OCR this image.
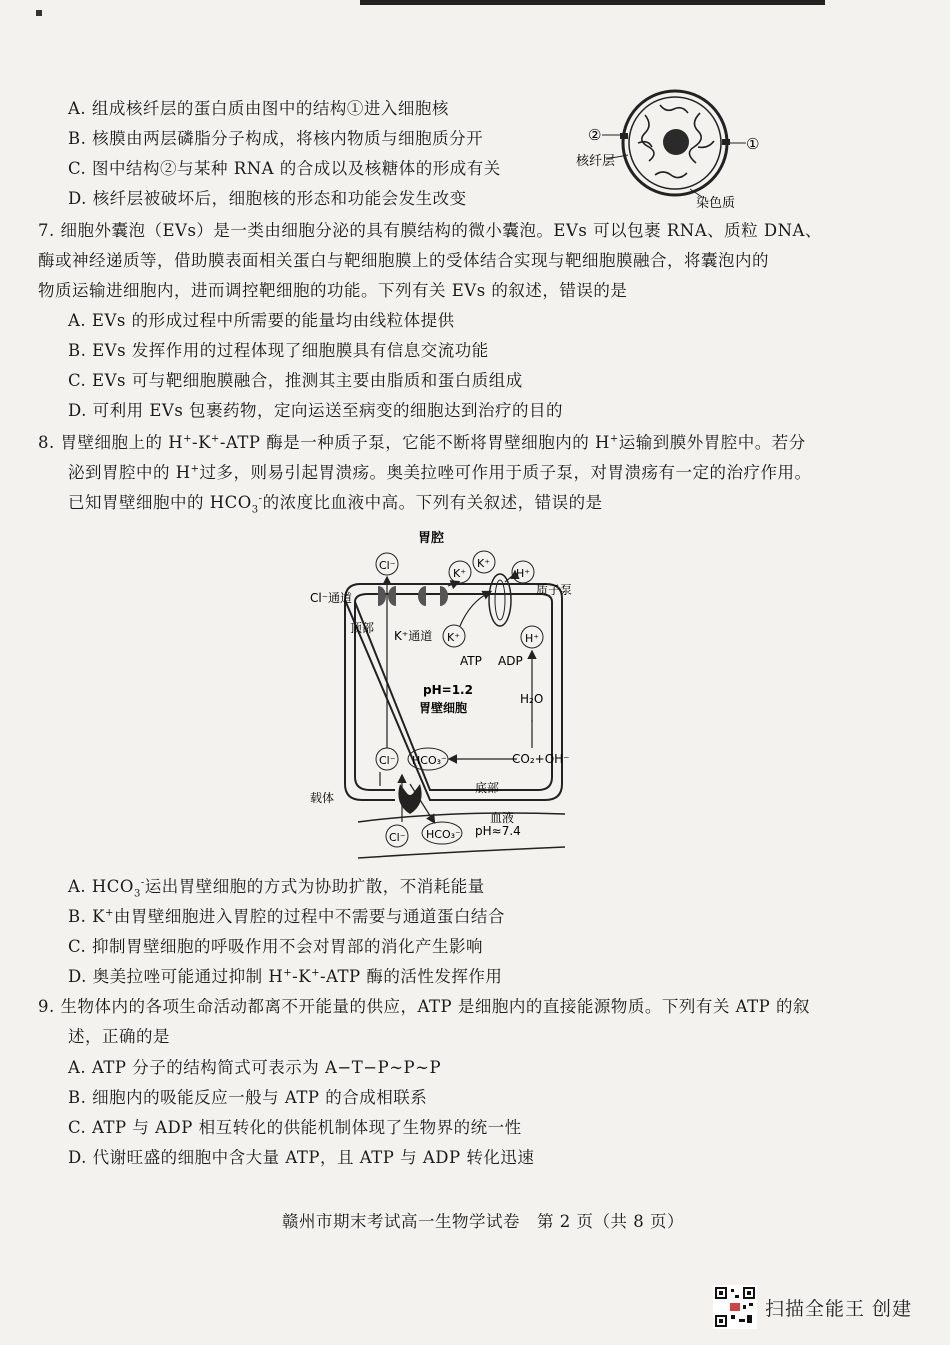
A. 组成核纤层的蛋白质由图中的结构①进入细胞核
B. 核膜由两层磷脂分子构成，将核内物质与细胞质分开
C. 图中结构②与某种 RNA 的合成以及核糖体的形成有关
D. 核纤层被破坏后，细胞核的形态和功能会发生改变
②	①
核纤层
染色质
7. 细胞外囊泡（EVs）是一类由细胞分泌的具有膜结构的微小囊泡。EVs 可以包裹 RNA、质粒 DNA、
酶或神经递质等，借助膜表面相关蛋白与靶细胞膜上的受体结合实现与靶细胞膜融合，将囊泡内的
物质运输进细胞内，进而调控靶细胞的功能。下列有关 EVs 的叙述，错误的是
A. EVs 的形成过程中所需要的能量均由线粒体提供
B. EVs 发挥作用的过程体现了细胞膜具有信息交流功能
C. EVs 可与靶细胞膜融合，推测其主要由脂质和蛋白质组成
D. 可利用 EVs 包裹药物，定向运送至病变的细胞达到治疗的目的
8. 胃壁细胞上的 H+-K+-ATP 酶是一种质子泵，它能不断将胃壁细胞内的 H+运输到膜外胃腔中。若分
泌到胃腔中的 H+过多，则易引起胃溃疡。奥美拉唑可作用于质子泵，对胃溃疡有一定的治疗作用。
已知胃壁细胞中的 $HCO_3^-$的浓度比血液中高。下列有关叙述，错误的是
胃腔
Cl⁻
K⁺
K⁺
H⁺
K⁺	H⁺
Cl⁻ HCO₃⁻
Cl⁻ HCO₃⁻
Cl⁻通道
顶部
K⁺通道
质子泵
ATP ADP
pH=1.2
胃壁细胞
H₂O
CO₂+OH⁻
底部
载体
血液
pH≈7.4
A. $HCO_3^-$运出胃壁细胞的方式为协助扩散，不消耗能量
B. K+由胃壁细胞进入胃腔的过程中不需要与通道蛋白结合
C. 抑制胃壁细胞的呼吸作用不会对胃部的消化产生影响
D. 奥美拉唑可能通过抑制 H+-K+-ATP 酶的活性发挥作用
9. 生物体内的各项生命活动都离不开能量的供应，ATP 是细胞内的直接能源物质。下列有关 ATP 的叙
述，正确的是
A. ATP 分子的结构简式可表示为 A−T−P∼P∼P
B. 细胞内的吸能反应一般与 ATP 的合成相联系
C. ATP 与 ADP 相互转化的供能机制体现了生物界的统一性
D. 代谢旺盛的细胞中含大量 ATP，且 ATP 与 ADP 转化迅速
赣州市期末考试高一生物学试卷　第 2 页（共 8 页）
扫描全能王 创建
